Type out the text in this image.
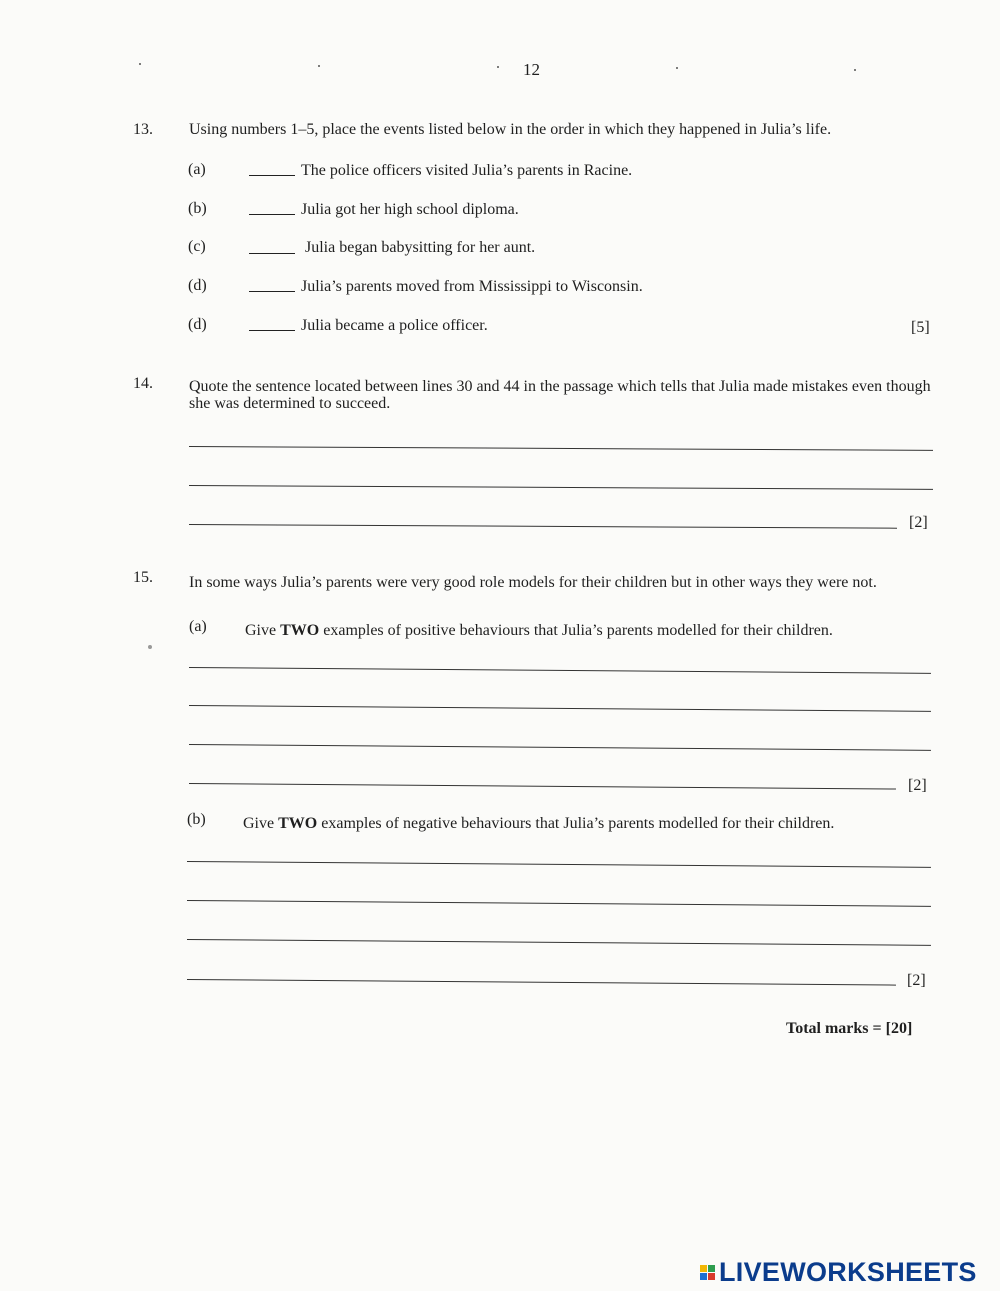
12
13. Using numbers 1–5, place the events listed below in the order in which they happened in Julia’s life.
(a)	The police officers visited Julia’s parents in Racine.
(b)	Julia got her high school diploma.
(c)	Julia began babysitting for her aunt.
(d)	Julia’s parents moved from Mississippi to Wisconsin.
(d)	Julia became a police officer.	[5]
14. Quote the sentence located between lines 30 and 44 in the passage which tells that Julia made mistakes even though she was determined to succeed.
[2]
15. In some ways Julia’s parents were very good role models for their children but in other ways they were not.
(a) Give TWO examples of positive behaviours that Julia’s parents modelled for their children.
[2]
(b) Give TWO examples of negative behaviours that Julia’s parents modelled for their children.
[2]
Total marks = [20]
LIVEWORKSHEETS
